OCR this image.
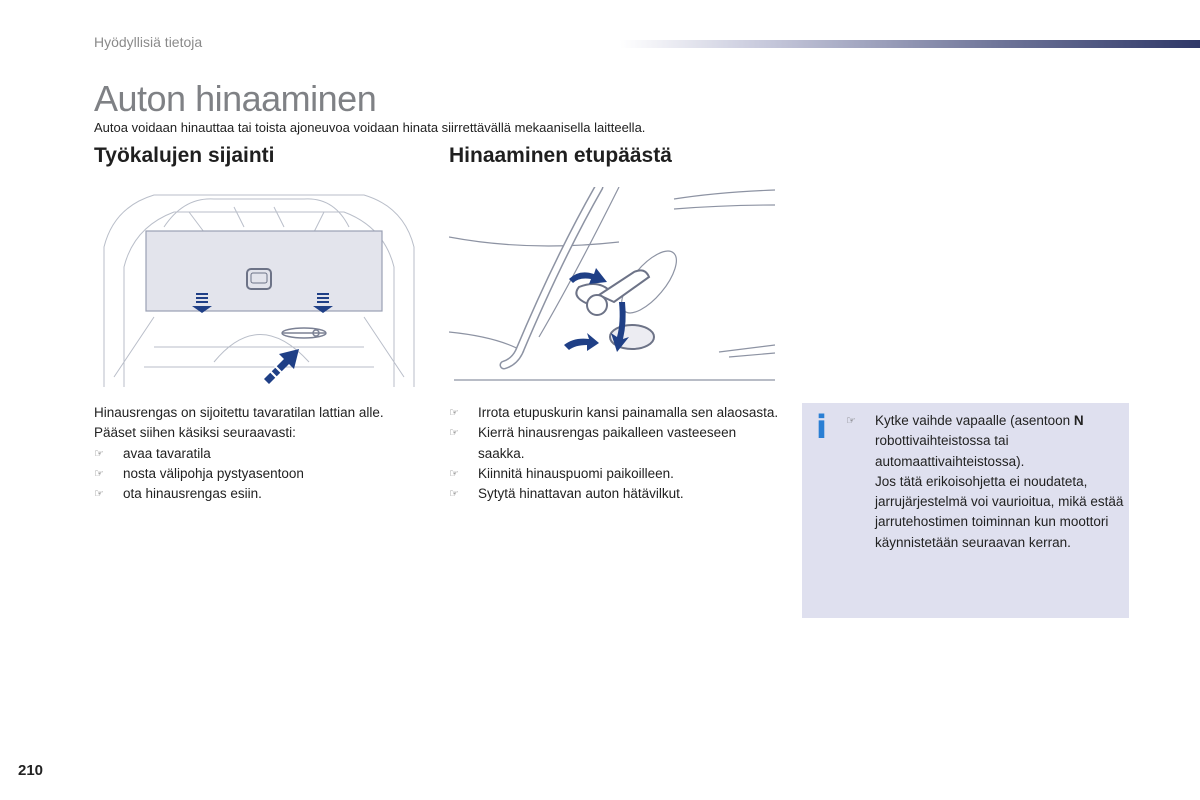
Hyödyllisiä tietoja
Auton hinaaminen

Autoa voidaan hinauttaa tai toista ajoneuvoa voidaan hinata siirrettävällä mekaanisella laitteella.

Työkalujen sijainti	Hinaaminen etupäästä

Hinausrengas on sijoitettu tavaratilan lattian alle.

Pääset siihen käsiksi seuraavasti:

☞ avaa tavaratila
☞ nosta välipohja pystyasentoon
☞ ota hinausrengas esiin.
☞ Irrota etupuskurin kansi painamalla sen alaosasta.
☞ Kierrä hinausrengas paikalleen vasteeseen saakka.
☞ Kiinnitä hinauspuomi paikoilleen.
☞ Sytytä hinattavan auton hätävilkut.
i ☞ Kytke vaihde vapaalle (asentoon N robottivaihteistossa tai automaattivaihteistossa).

Jos tätä erikoisohjetta ei noudateta, jarrujärjestelmä voi vaurioitua, mikä estää jarrutehostimen toiminnan kun moottori käynnistetään seuraavan kerran.

210
